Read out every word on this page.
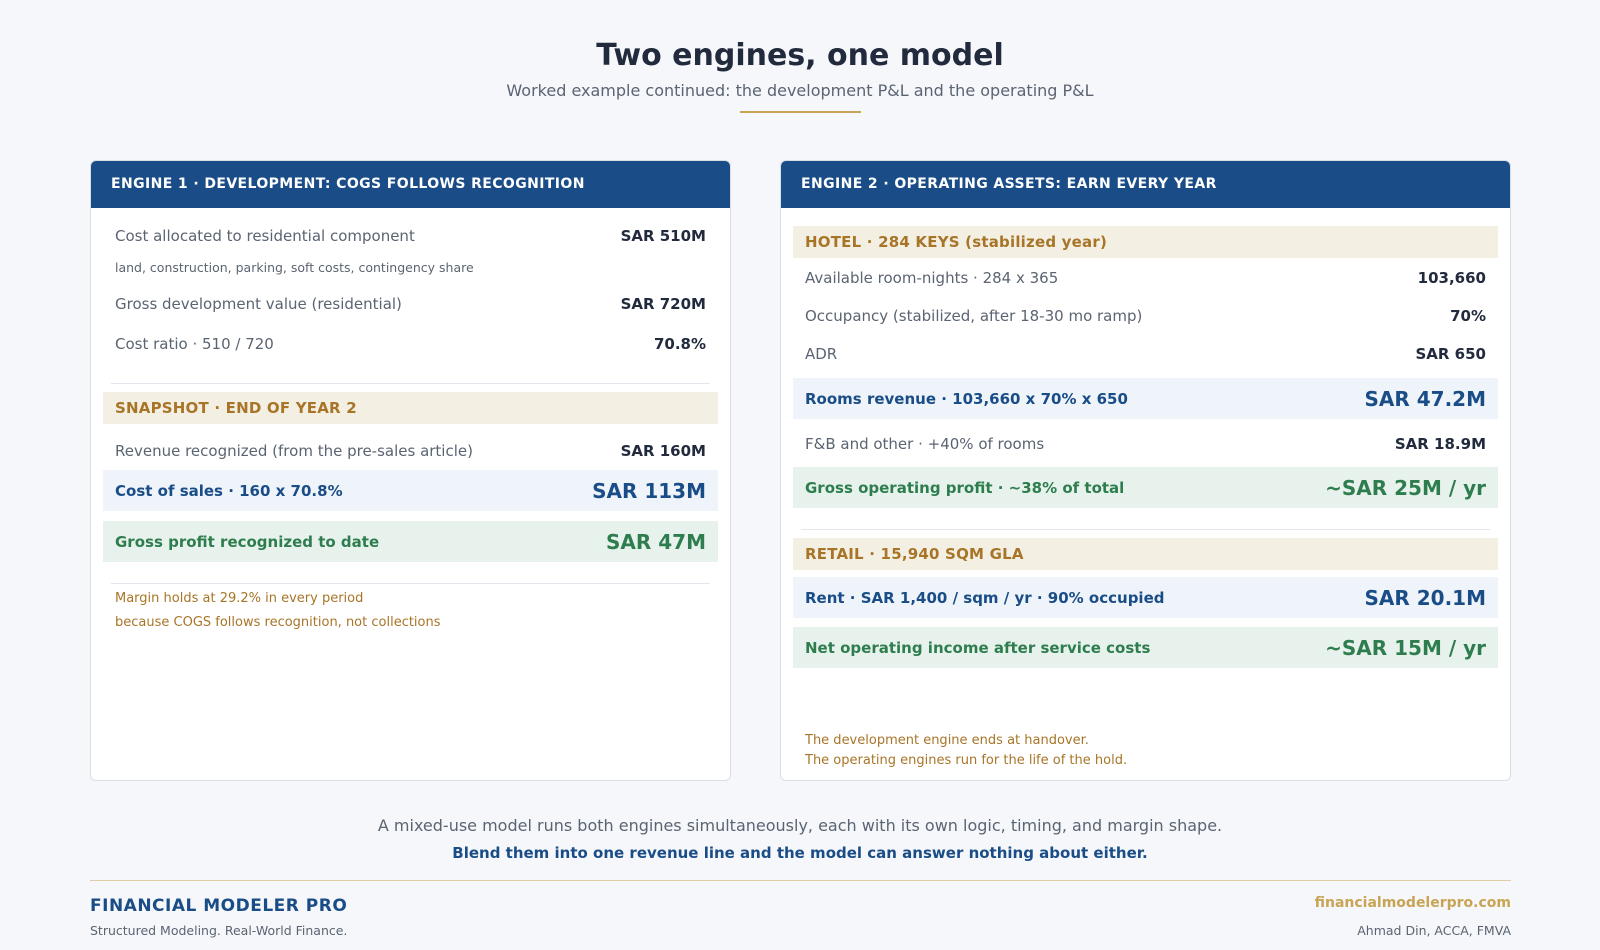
Two engines, one model
Worked example continued: the development P&L and the operating P&L
ENGINE 1 · DEVELOPMENT: COGS FOLLOWS RECOGNITION
Cost allocated to residential component	SAR 510M
land, construction, parking, soft costs, contingency share
Gross development value (residential)	SAR 720M
Cost ratio · 510 / 720	70.8%
SNAPSHOT · END OF YEAR 2
Revenue recognized (from the pre-sales article)	SAR 160M
Cost of sales · 160 x 70.8%	SAR 113M
Gross profit recognized to date	SAR 47M
Margin holds at 29.2% in every period
because COGS follows recognition, not collections
ENGINE 2 · OPERATING ASSETS: EARN EVERY YEAR
HOTEL · 284 KEYS (stabilized year)
Available room-nights · 284 x 365	103,660
Occupancy (stabilized, after 18-30 mo ramp)	70%
ADR	SAR 650
Rooms revenue · 103,660 x 70% x 650	SAR 47.2M
F&B and other · +40% of rooms	SAR 18.9M
Gross operating profit · ~38% of total	~SAR 25M / yr
RETAIL · 15,940 SQM GLA
Rent · SAR 1,400 / sqm / yr · 90% occupied	SAR 20.1M
Net operating income after service costs	~SAR 15M / yr
The development engine ends at handover.
The operating engines run for the life of the hold.
A mixed-use model runs both engines simultaneously, each with its own logic, timing, and margin shape.
Blend them into one revenue line and the model can answer nothing about either.
FINANCIAL MODELER PRO
Structured Modeling. Real-World Finance.
financialmodelerpro.com
Ahmad Din, ACCA, FMVA
